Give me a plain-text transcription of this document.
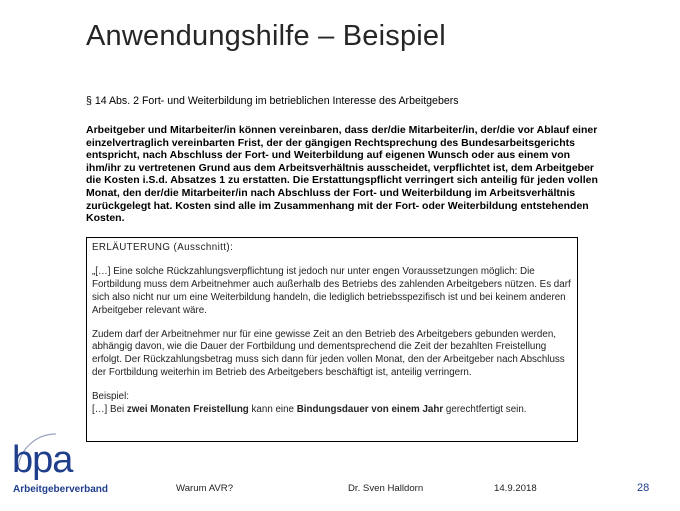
Anwendungshilfe – Beispiel
§ 14 Abs. 2 Fort- und Weiterbildung im betrieblichen Interesse des Arbeitgebers
Arbeitgeber und Mitarbeiter/in können vereinbaren, dass der/die Mitarbeiter/in, der/die vor Ablauf einer einzelvertraglich vereinbarten Frist, der der gängigen Rechtsprechung des Bundesarbeitsgerichts entspricht, nach Abschluss der Fort- und Weiterbildung auf eigenen Wunsch oder aus einem von ihm/ihr zu vertretenen Grund aus dem Arbeitsverhältnis ausscheidet, verpflichtet ist, dem Arbeitgeber die Kosten i.S.d. Absatzes 1 zu erstatten. Die Erstattungspflicht verringert sich anteilig für jeden vollen Monat, den der/die Mitarbeiter/in nach Abschluss der Fort- und Weiterbildung im Arbeitsverhältnis zurückgelegt hat. Kosten sind alle im Zusammenhang mit der Fort- oder Weiterbildung entstehenden Kosten.

ERLÄUTERUNG (Ausschnitt):

„[…] Eine solche Rückzahlungsverpflichtung ist jedoch nur unter engen Voraussetzungen möglich: Die Fortbildung muss dem Arbeitnehmer auch außerhalb des Betriebs des zahlenden Arbeitgebers nützen. Es darf sich also nicht nur um eine Weiterbildung handeln, die lediglich betriebsspezifisch ist und bei keinem anderen Arbeitgeber relevant wäre.

Zudem darf der Arbeitnehmer nur für eine gewisse Zeit an den Betrieb des Arbeitgebers gebunden werden, abhängig davon, wie die Dauer der Fortbildung und dementsprechend die Zeit der bezahlten Freistellung erfolgt. Der Rückzahlungsbetrag muss sich dann für jeden vollen Monat, den der Arbeitgeber nach Abschluss der Fortbildung weiterhin im Betrieb des Arbeitgebers beschäftigt ist, anteilig verringern.

Beispiel:

[…] Bei zwei Monaten Freistellung kann eine Bindungsdauer von einem Jahr gerechtfertigt sein.

bpa
Arbeitgeberverband	Warum AVR?	Dr. Sven Halldorn	14.9.2018	28
